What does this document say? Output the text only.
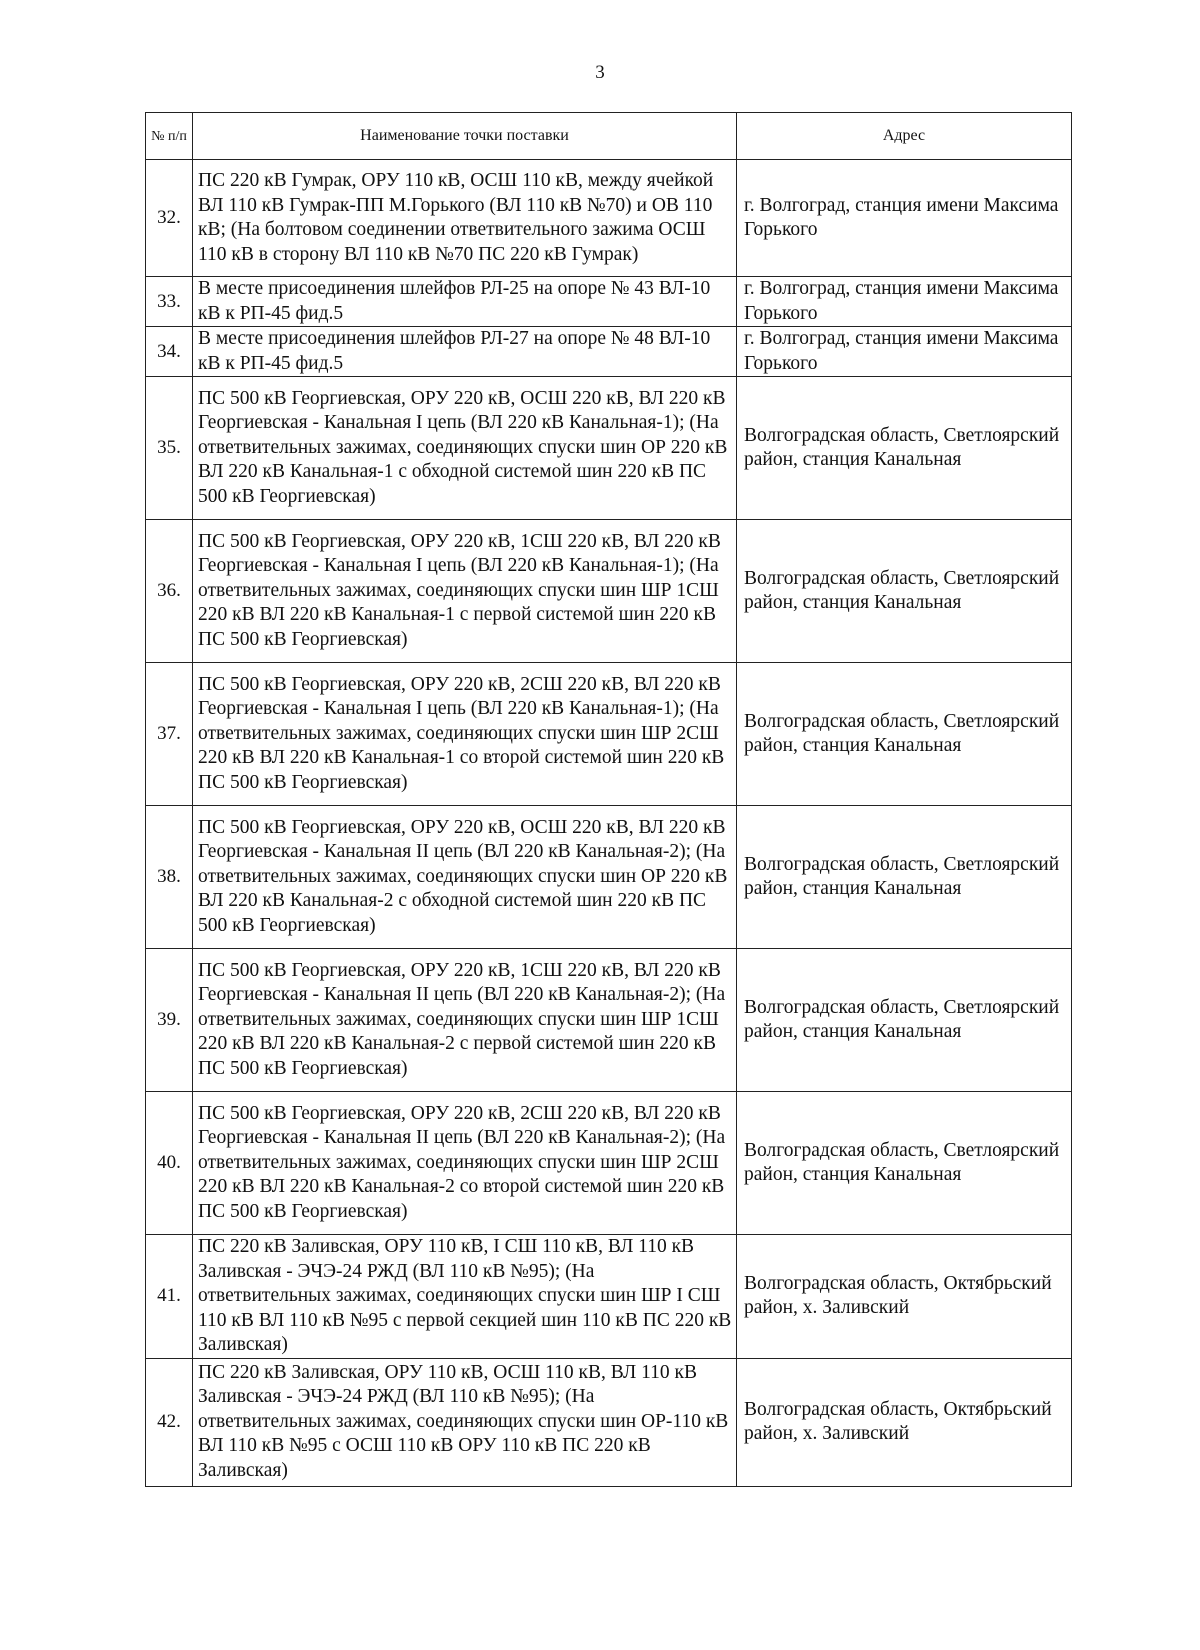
3
№ п/п	Наименование точки поставки	Адрес
32.	ПС 220 кВ Гумрак, ОРУ 110 кВ, ОСШ 110 кВ, между ячейкой ВЛ 110 кВ Гумрак-ПП М.Горького (ВЛ 110 кВ №70) и ОВ 110 кВ; (На болтовом соединении ответвительного зажима ОСШ 110 кВ в сторону ВЛ 110 кВ №70 ПС 220 кВ Гумрак)	г. Волгоград, станция имени Максима Горького
33.	В месте присоединения шлейфов РЛ-25 на опоре № 43 ВЛ-10 кВ к РП-45 фид.5	г. Волгоград, станция имени Максима Горького
34.	В месте присоединения шлейфов РЛ-27 на опоре № 48 ВЛ-10 кВ к РП-45 фид.5	г. Волгоград, станция имени Максима Горького
35.	ПС 500 кВ Георгиевская, ОРУ 220 кВ, ОСШ 220 кВ, ВЛ 220 кВ Георгиевская - Канальная I цепь (ВЛ 220 кВ Канальная-1); (На ответвительных зажимах, соединяющих спуски шин ОР 220 кВ ВЛ 220 кВ Канальная-1 с обходной системой шин 220 кВ ПС 500 кВ Георгиевская)	Волгоградская область, Светлоярский район, станция Канальная
36.	ПС 500 кВ Георгиевская, ОРУ 220 кВ, 1СШ 220 кВ, ВЛ 220 кВ Георгиевская - Канальная I цепь (ВЛ 220 кВ Канальная-1); (На ответвительных зажимах, соединяющих спуски шин ШР 1СШ 220 кВ ВЛ 220 кВ Канальная-1 с первой системой шин 220 кВ ПС 500 кВ Георгиевская)	Волгоградская область, Светлоярский район, станция Канальная
37.	ПС 500 кВ Георгиевская, ОРУ 220 кВ, 2СШ 220 кВ, ВЛ 220 кВ Георгиевская - Канальная I цепь (ВЛ 220 кВ Канальная-1); (На ответвительных зажимах, соединяющих спуски шин ШР 2СШ 220 кВ ВЛ 220 кВ Канальная-1 со второй системой шин 220 кВ ПС 500 кВ Георгиевская)	Волгоградская область, Светлоярский район, станция Канальная
38.	ПС 500 кВ Георгиевская, ОРУ 220 кВ, ОСШ 220 кВ, ВЛ 220 кВ Георгиевская - Канальная II цепь (ВЛ 220 кВ Канальная-2); (На ответвительных зажимах, соединяющих спуски шин ОР 220 кВ ВЛ 220 кВ Канальная-2 с обходной системой шин 220 кВ ПС 500 кВ Георгиевская)	Волгоградская область, Светлоярский район, станция Канальная
39.	ПС 500 кВ Георгиевская, ОРУ 220 кВ, 1СШ 220 кВ, ВЛ 220 кВ Георгиевская - Канальная II цепь (ВЛ 220 кВ Канальная-2); (На ответвительных зажимах, соединяющих спуски шин ШР 1СШ 220 кВ ВЛ 220 кВ Канальная-2 с первой системой шин 220 кВ ПС 500 кВ Георгиевская)	Волгоградская область, Светлоярский район, станция Канальная
40.	ПС 500 кВ Георгиевская, ОРУ 220 кВ, 2СШ 220 кВ, ВЛ 220 кВ Георгиевская - Канальная II цепь (ВЛ 220 кВ Канальная-2); (На ответвительных зажимах, соединяющих спуски шин ШР 2СШ 220 кВ ВЛ 220 кВ Канальная-2 со второй системой шин 220 кВ ПС 500 кВ Георгиевская)	Волгоградская область, Светлоярский район, станция Канальная
41.	ПС 220 кВ Заливская, ОРУ 110 кВ, I СШ 110 кВ, ВЛ 110 кВ Заливская - ЭЧЭ-24 РЖД (ВЛ 110 кВ №95); (На ответвительных зажимах, соединяющих спуски шин ШР I СШ 110 кВ ВЛ 110 кВ №95 с первой секцией шин 110 кВ ПС 220 кВ Заливская)	Волгоградская область, Октябрьский район, х. Заливский
42.	ПС 220 кВ Заливская, ОРУ 110 кВ, ОСШ 110 кВ, ВЛ 110 кВ Заливская - ЭЧЭ-24 РЖД (ВЛ 110 кВ №95); (На ответвительных зажимах, соединяющих спуски шин ОР-110 кВ ВЛ 110 кВ №95 с ОСШ 110 кВ ОРУ 110 кВ ПС 220 кВ Заливская)	Волгоградская область, Октябрьский район, х. Заливский
